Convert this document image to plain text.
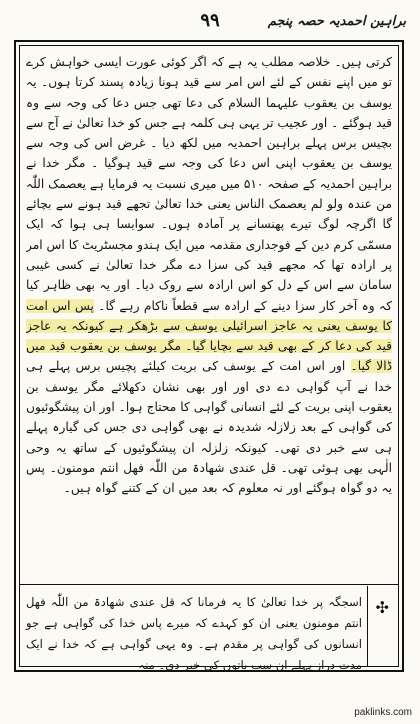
براہین احمدیہ حصہ پنجم
۹۹

کرتی ہیں۔ خلاصہ مطلب یہ ہے کہ اگر کوئی عورت ایسی خواہش کرے تو میں اپنے نفس کے لئے اس امر سے قید ہونا زیادہ پسند کرتا ہوں۔ یہ یوسف بن یعقوب علیہما السلام کی دعا تھی جس دعا کی وجہ سے وہ قید ہوگئے ۔ اور عجیب تر یہی ہی کلمہ ہے جس کو خدا تعالیٰ نے آج سے بچیس برس پہلے براہین احمدیہ میں لکھ دیا ۔ غرض اس کی وجہ سے یوسف بن یعقوب اپنی اس دعا کی وجہ سے قید ہوگیا ۔ مگر خدا نے براہین احمدیہ کے صفحہ ۵۱۰ میں میری نسبت یہ فرمایا ہے یعصمک اللّٰہ من عندہ ولو لم یعصمک الناس یعنی خدا تعالیٰ تجھے قید ہونے سے بچائے گا اگرچہ لوگ تیرے پھنسانے پر آمادہ ہوں۔ سوایسا ہی ہوا کہ ایک مسمّی کرم دین کے فوجداری مقدمہ میں ایک ہندو مجسٹریٹ کا اس امر پر ارادہ تھا کہ مجھے قید کی سزا دے مگر خدا تعالیٰ نے کسی غیبی سامان سے اس کے دل کو اس ارادہ سے روک دیا۔ اور یہ بھی ظاہر کیا کہ وہ آخر کار سزا دینے کے ارادہ سے قطعاً ناکام رہے گا۔ پس اس امت کا یوسف یعنی یہ عاجز اسرائیلی یوسف سے بڑھکر ہے کیونکہ یہ عاجز قید کی دعا کر کے بھی قید سے بچایا گیا۔ مگر یوسف بن یعقوب قید میں ڈالا گیا۔ اور اس امت کے یوسف کی بریت کیلئے پچیس برس پہلے ہی خدا نے آپ گواہی دے دی اور اور بھی نشان دکھلائے مگر یوسف بن یعقوب اپنی بریت کے لئے انسانی گواہی کا محتاج ہوا۔ اور ان پیشگوئیوں کی گواہی کے بعد زلازلہ شدیدہ نے بھی گواہی دی جس کی گیارہ پہلے ہی سے خبر دی تھی۔ کیونکہ زلزلہ ان پیشگوئیوں کے ساتھ یہ وحی الٰہی بھی ہوئی تھی۔ قل عندی شھادۃ من اللّٰہ فھل انتم مومنون۔ پس یہ دو گواہ ہوگئے اور نہ معلوم کہ بعد میں ان کے کتنے گواہ ہیں۔

✣
اسجگہ پر خدا تعالیٰ کا یہ فرمانا کہ قل عندی شھادۃ من اللّٰہ فھل انتم مومنون یعنی ان کو کہدے کہ میرے پاس خدا کی گواہی ہے جو انسانوں کی گواہی پر مقدم ہے۔ وہ یہی گواہی ہے کہ خدا نے ایک مدت دراز پہلے ان سب باتوں کی خبر دی۔ منہ
paklinks.com
